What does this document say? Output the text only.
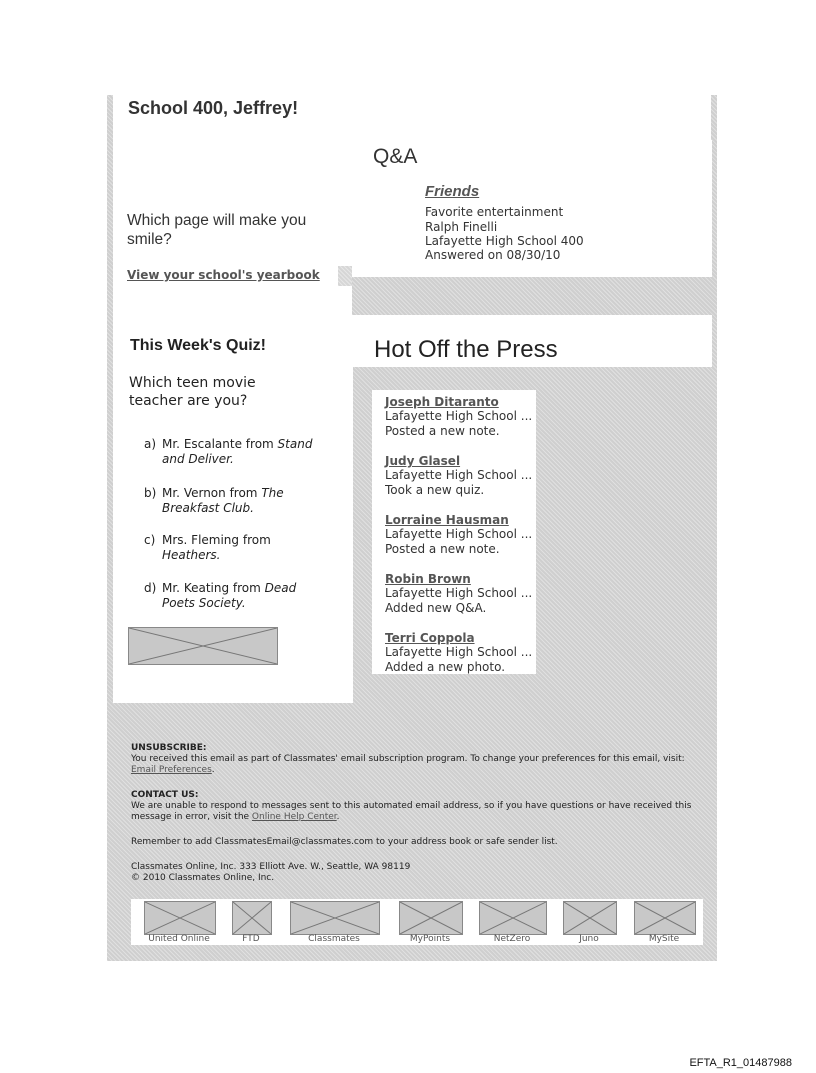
School 400, Jeffrey!
Q&A
Friends
Favorite entertainment
Ralph Finelli
Lafayette High School 400
Answered on 08/30/10
Which page will make you smile?
View your school's yearbook
This Week's Quiz!
Which teen movie teacher are you?
a) Mr. Escalante from Stand and Deliver.
b) Mr. Vernon from The Breakfast Club.
c) Mrs. Fleming from Heathers.
d) Mr. Keating from Dead Poets Society.
Hot Off the Press
Joseph Ditaranto
Lafayette High School ...
Posted a new note.
Judy Glasel
Lafayette High School ...
Took a new quiz.
Lorraine Hausman
Lafayette High School ...
Posted a new note.
Robin Brown
Lafayette High School ...
Added new Q&A.
Terri Coppola
Lafayette High School ...
Added a new photo.
UNSUBSCRIBE:
You received this email as part of Classmates' email subscription program. To change your preferences for this email, visit: Email Preferences.
CONTACT US:
We are unable to respond to messages sent to this automated email address, so if you have questions or have received this message in error, visit the Online Help Center.
Remember to add ClassmatesEmail@classmates.com to your address book or safe sender list.
Classmates Online, Inc. 333 Elliott Ave. W., Seattle, WA 98119
© 2010 Classmates Online, Inc.
United Online	FTD	Classmates	MyPoints	NetZero	Juno	MySite
EFTA_R1_01487988
